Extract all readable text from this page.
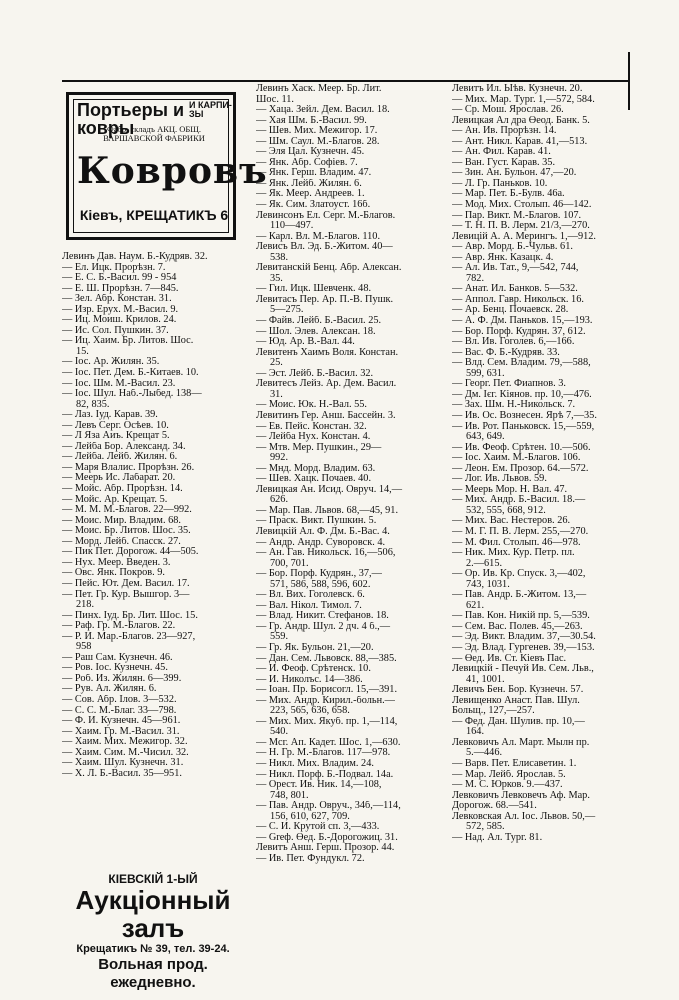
Портьеры и ковры
И КАРПИ- ЗЫ
Фабр. складъ АКЦ. ОБЩ. ВАРШАВСКОЙ ФАБРИКИ
Ковровъ
Кіевъ, КРЕЩАТИКЪ 6
Левинъ Дав. Наум. Б.-Кудряв. 32.
— Ел. Ицк. Прорѣзн. 7.
— Е. С. Б.-Васил. 99 - 954
— Е. Ш. Прорѣзн. 7—845.
— Зел. Абр. Констан. 31.
— Изр. Ерух. М.-Васил. 9.
— Иц. Моиш. Крилов. 24.
— Ис. Сол. Пушкин. 37.
— Иц. Хаим. Бр. Литов. Шос.
15.
— Іос. Ар. Жилян. 35.
— Іос. Пет. Дем. Б.-Китаев. 10.
— Іос. Шм. М.-Васил. 23.
— Іос. Шул. Наб.-Лыбед. 138—
82, 835.
— Лаз. Іуд. Карав. 39.
— Левъ Серг. Осѣев. 10.
— Л Яза Аиъ. Крещат 5.
— Лейба Бор. Александ. 34.
— Лейба. Лейб. Жилян. 6.
— Маря Влалис. Прорѣзн. 26.
— Меерь Ис. Лабарат. 20.
— Мойс. Абр. Прорѣзн. 14.
— Мойс. Ар. Крещат. 5.
— М. М. М.-Благов. 22—992.
— Моис. Мир. Владим. 68.
— Моис. Бр. Литов. Шос. 35.
— Морд. Лейб. Спасск. 27.
— Пик Пет. Дорогож. 44—505.
— Нух. Меер. Введен. 3.
— Овс. Янк. Покров. 9.
— Пейс. Ют. Дем. Васил. 17.
— Пет. Гр. Кур. Вышгор. 3—
218.
— Пинх. Іуд. Бр. Лит. Шос. 15.
— Раф. Гр. М.-Благов. 22.
— Р. И. Мар.-Благов. 23—927,
958
— Раш Сам. Кузнечн. 46.
— Ров. Іос. Кузнечн. 45.
— Роб. Из. Жилян. 6—399.
— Рув. Ал. Жилян. 6.
— Сов. Абр. Ілов. 3—532.
— С. С. М.-Благ. 33—798.
— Ф. И. Кузнечн. 45—961.
— Хаим. Гр. М.-Васил. 31.
— Хаим. Мих. Межигор. 32.
— Хаим. Сим. М.-Чисил. 32.
— Хаим. Шул. Кузнечн. 31.
— Х. Л. Б.-Васил. 35—951.
Левинъ Хаск. Меер. Бр. Лит.
Шос. 11.
— Хаца. Зейл. Дем. Васил. 18.
— Хая Шм. Б.-Васил. 99.
— Шев. Мих. Межигор. 17.
— Шм. Саул. М.-Благов. 28.
— Эля Цал. Кузнечн. 45.
— Янк. Абр. Софіев. 7.
— Янк. Герш. Владим. 47.
— Янк. Лейб. Жилян. 6.
— Як. Меер. Андреев. 1.
— Як. Сим. Златоуст. 16б.
Левинсонъ Ел. Серг. М.-Благов.
110—497.
— Карл. Вл. М.-Благов. 110.
Левисъ Вл. Эд. Б.-Житом. 40—
538.
Левитанскій Бенц. Абр. Алексан.
35.
— Гил. Ицк. Шевченк. 48.
Левитасъ Пер. Ар. П.-В. Пушк.
5—275.
— Файв. Лейб. Б.-Васил. 25.
— Шол. Элев. Алексан. 18.
— Юд. Ар. В.-Вал. 44.
Левитенъ Хаимъ Воля. Констан.
25.
— Эст. Лейб. Б.-Васил. 32.
Левитесъ Лейз. Ар. Дем. Васил.
31.
— Моис. Юк. Н.-Вал. 55.
Левитинъ Гер. Анш. Бассейн. 3.
— Ев. Пейс. Констан. 32.
— Лейба Нух. Констан. 4.
— Мтв. Мер. Пушкин., 29—
992.
— Мнд. Морд. Владим. 63.
— Шев. Хацк. Почаев. 40.
Левицкая Ан. Исид. Овруч. 14,—
626.
— Мар. Пав. Львов. 68,—45, 91.
— Праск. Викт. Пушкин. 5.
Левицкій Ал. Ф. Дм. Б.-Вас. 4.
— Андр. Андр. Суворовск. 4.
— Ан. Гав. Никольск. 16,—506,
700, 701.
— Бор. Порф. Кудрян., 37,—
571, 586, 588, 596, 602.
— Вл. Вих. Гоголевск. 6.
— Вал. Нікол. Тимол. 7.
— Влад. Никит. Стефанов. 18.
— Гр. Андр. Шул. 2 дч. 4 б.,—
559.
— Гр. Як. Бульон. 21,—20.
— Дан. Сем. Львовск. 88,—385.
— И. Феоф. Срѣтенск. 10.
— И. Николъс. 14—386.
— Іоан. Пр. Борисогл. 15,—391.
— Мих. Андр. Кирил.-больн.—
223, 565, 636, 658.
— Мих. Мих. Якуб. пр. 1,—114,
540.
— Мсг. Ап. Кадет. Шос. 1,—630.
— Н. Гр. М.-Благов. 117—978.
— Никл. Мих. Владим. 24.
— Никл. Порф. Б.-Подвал. 14а.
— Орест. Ив. Ник. 14,—108,
748, 801.
— Пав. Андр. Овруч., 34б,—114,
156, 610, 627, 709.
— С. И. Крутой сп. 3,—433.
— Greф. Өед. Б.-Дорогожиц. 31.
Левитъ Анш. Герш. Прозор. 44.
— Ив. Пет. Фундукл. 72.
Левитъ Ил. Ыѣв. Кузнечн. 20.
— Мих. Мар. Тург. 1,—572, 584.
— Ср. Мош. Ярослав. 26.
Левицкая Ал дра Өеод. Банк. 5.
— Ан. Ив. Прорѣзн. 14.
— Ант. Никл. Карав. 41,—513.
— Ан. Фил. Карав. 41.
— Ван. Густ. Карав. 35.
— Зин. Ан. Бульон. 47,—20.
— Л. Гр. Паньков. 10.
— Мар. Пет. Б.-Булв. 46а.
— Мод. Мих. Столып. 46—142.
— Пар. Викт. М.-Благов. 107.
— Т. Н. П. В. Лерм. 21/3,—270.
Левицій А. А. Мерингъ. 1,—912.
— Авр. Морд. Б.-Чульв. 61.
— Авр. Янк. Казацк. 4.
— Ал. Ив. Тат., 9,—542, 744,
782.
— Анат. Ил. Банков. 5—532.
— Аппол. Гавр. Никольск. 16.
— Ар. Бенц. Почаевск. 28.
— А. Ф. Дм. Паньков. 15,—193.
— Бор. Порф. Кудрян. 37, 612.
— Вл. Ив. Гоголев. 6,—166.
— Вас. Ф. Б.-Кудряв. 33.
— Влд. Сем. Владим. 79,—588,
599, 631.
— Георг. Пет. Фиапнов. 3.
— Дм. Ієг. Кіянов. пр. 10,—476.
— Зах. Шм. Н.-Никольск. 7.
— Ив. Ос. Вознесен. Ярѣ 7,—35.
— Ив. Рот. Паньковск. 15,—559,
643, 649.
— Ив. Феоф. Срѣтен. 10.—506.
— Іос. Хаим. М.-Благов. 106.
— Леон. Ем. Прозор. 64.—572.
— Лог. Ив. Львов. 59.
— Меерь Мор. Н. Вал. 47.
— Мих. Андр. Б.-Васил. 18.—
532, 555, 668, 912.
— Мих. Вас. Нестеров. 26.
— М. Г. П. В. Лерм. 255,—270.
— М. Фил. Столып. 46—978.
— Ник. Мих. Кур. Петр. пл.
2.—615.
— Ор. Ив. Кр. Спуск. 3,—402,
743, 1031.
— Пав. Андр. Б.-Житом. 13,—
621.
— Пав. Кон. Никій пр. 5,—539.
— Сем. Вас. Полев. 45,—263.
— Эд. Викт. Владим. 37,—30.54.
— Эд. Влад. Гургенев. 39,—153.
— Өед. Ив. Ст. Кіевъ Пас.
Левицкій - Печуй Ив. Сем. Льв.,
41, 1001.
Левичъ Бен. Бор. Кузнечн. 57.
Левищенко Анаст. Пав. Шул.
Больщ., 127,—257.
— Фед. Дан. Шулив. пр. 10,—
164.
Левковичъ Ал. Март. Мылн пр.
5.—446.
— Варв. Пет. Елисаветин. 1.
— Мар. Лейб. Ярослав. 5.
— М. С. Юрков. 9.—437.
Левковичъ Левковечъ Аф. Мар.
Дорогож. 68.—541.
Левковская Ал. Іос. Львов. 50,—
572, 585.
— Над. Ал. Тург. 81.
КІЕВСКІЙ 1-ЫЙ
Аукціонный залъ
Крещатикъ № 39, тел. 39-24.
Вольная прод. ежедневно.
